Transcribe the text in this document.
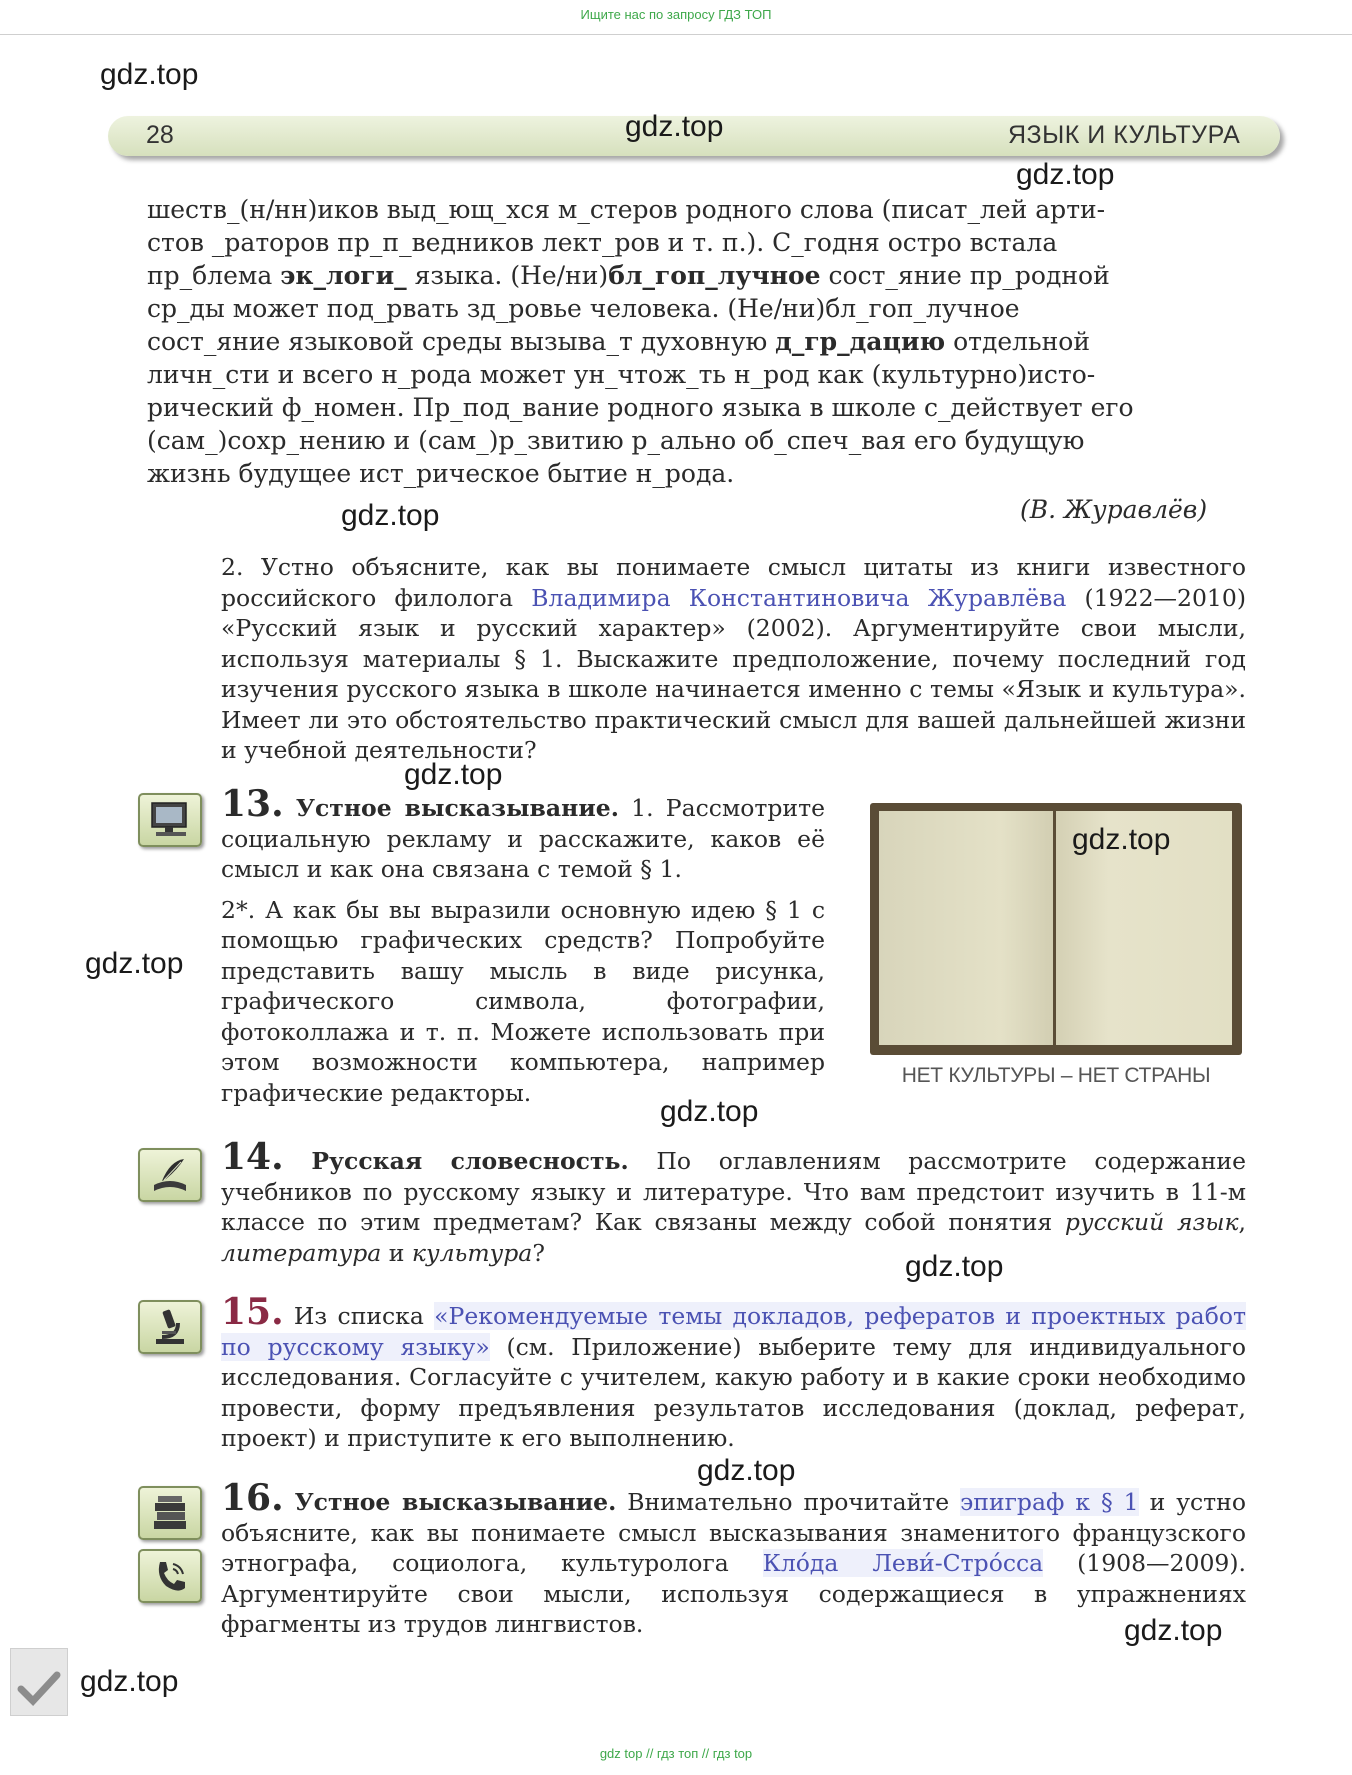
Ищите нас по запросу ГДЗ ТОП
28	ЯЗЫК И КУЛЬТУРА
шеств_(н/нн)иков выд_ющ_хся м_стеров родного слова (писат_лей арти-
стов _раторов пр_п_ведников лект_ров и т. п.). С_годня остро встала
пр_блема эк_логи_ языка. (Не/ни)бл_гоп_лучное сост_яние пр_родной
ср_ды может под_рвать зд_ровье человека. (Не/ни)бл_гоп_лучное
сост_яние языковой среды вызыва_т духовную д_гр_дацию отдельной
личн_сти и всего н_рода может ун_чтож_ть н_род как (культурно)исто-
рический ф_номен. Пр_под_вание родного языка в школе с_действует его
(сам_)сохр_нению и (сам_)р_звитию р_ально об_спеч_вая его будущую
жизнь будущее ист_рическое бытие н_рода.
(В. Журавлёв)
2. Устно объясните, как вы понимаете смысл цитаты из книги известного российского филолога Владимира Константиновича Журавлёва (1922—2010) «Русский язык и русский характер» (2002). Аргументируйте свои мысли, используя материалы § 1. Выскажите предположение, почему последний год изучения русского языка в школе начинается именно с темы «Язык и культура». Имеет ли это обстоятельство практический смысл для вашей дальнейшей жизни и учебной деятельности?
13. Устное высказывание. 1. Рассмотрите социальную рекламу и расскажите, каков её смысл и как она связана с темой § 1.
2*. А как бы вы выразили основную идею § 1 с помощью графических средств? Попробуйте представить вашу мысль в виде рисунка, графического символа, фотографии, фотоколлажа и т. п. Можете использовать при этом возможности компьютера, например графические редакторы.
НЕТ КУЛЬТУРЫ – НЕТ СТРАНЫ
14. Русская словесность. По оглавлениям рассмотрите содержание учебников по русскому языку и литературе. Что вам предстоит изучить в 11-м классе по этим предметам? Как связаны между собой понятия русский язык, литература и культура?
15. Из списка «Рекомендуемые темы докладов, рефератов и проектных работ по русскому языку» (см. Приложение) выберите тему для индивидуального исследования. Согласуйте с учителем, какую работу и в какие сроки необходимо провести, форму предъявления результатов исследования (доклад, реферат, проект) и приступите к его выполнению.
16. Устное высказывание. Внимательно прочитайте эпиграф к § 1 и устно объясните, как вы понимаете смысл высказывания знаменитого французского этнографа, социолога, культуролога Кло́да Леви́-Стро́сса (1908—2009). Аргументируйте свои мысли, используя содержащиеся в упражнениях фрагменты из трудов лингвистов.
gdz.top
gdz.top
gdz.top
gdz.top
gdz.top
gdz.top
gdz.top
gdz.top
gdz.top
gdz.top
gdz.top
gdz.top
gdz top // гдз топ // гдз top
